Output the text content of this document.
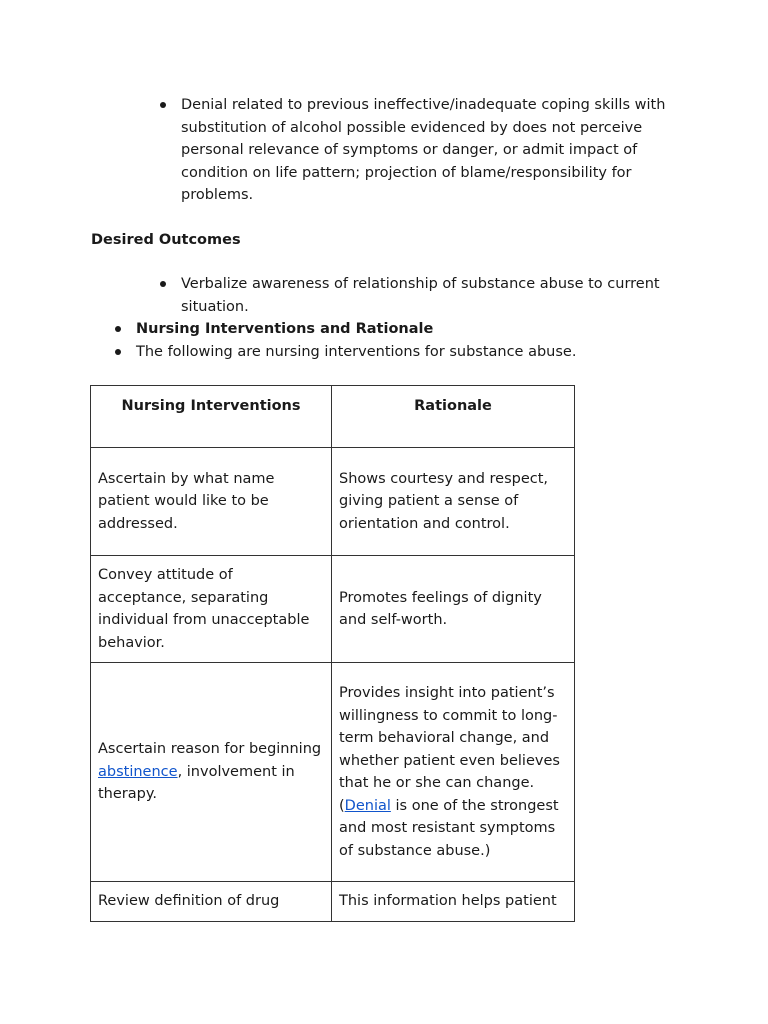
Denial related to previous ineffective/inadequate coping skills with substitution of alcohol possible evidenced by does not perceive personal relevance of symptoms or danger, or admit impact of condition on life pattern; projection of blame/responsibility for problems.
Desired Outcomes
Verbalize awareness of relationship of substance abuse to current situation.
Nursing Interventions and Rationale
The following are nursing interventions for substance abuse.
Nursing Interventions	Rationale
Ascertain by what name patient would like to be addressed.	Shows courtesy and respect, giving patient a sense of orientation and control.
Convey attitude of acceptance, separating individual from unacceptable behavior.	Promotes feelings of dignity and self-worth.
Ascertain reason for beginning abstinence, involvement in therapy.	Provides insight into patient’s willingness to commit to long-term behavioral change, and whether patient even believes that he or she can change. (Denial is one of the strongest and most resistant symptoms of substance abuse.)
Review definition of drug	This information helps patient
